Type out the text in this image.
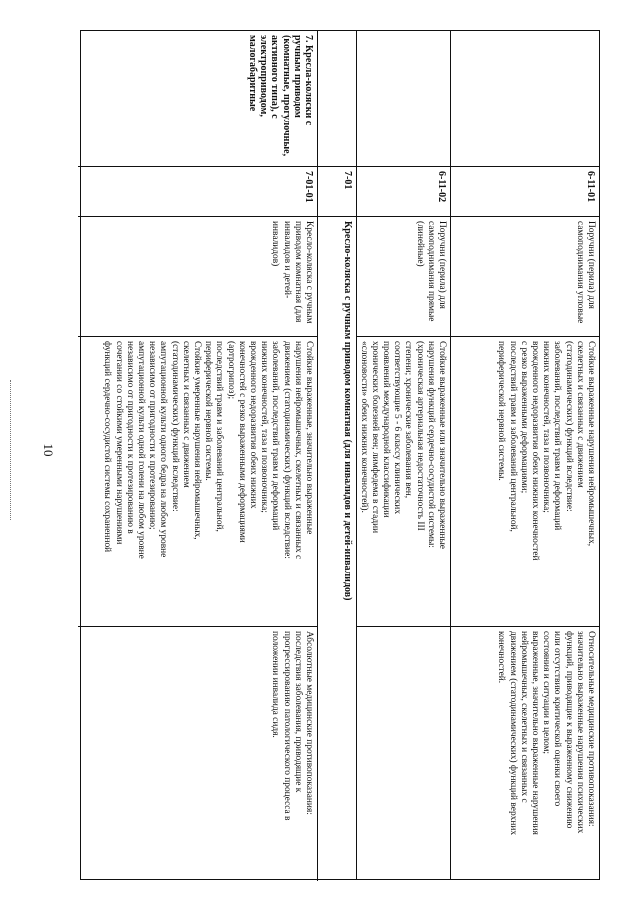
10
6-11-01
Поручни (перила) для самоподнимания угловые
Стойкие выраженные нарушения нейромышечных,
скелетных и связанных с движением
(статодинамических) функций вследствие:
заболеваний, последствий травм и деформаций
нижних конечностей, таза и позвоночника;
врожденного недоразвития обеих нижних конечностей
с резко выраженными деформациями;
последствий травм и заболеваний центральной,
периферической нервной системы.
Относительные медицинские противопоказания:
значительно выраженные нарушения психических
функций, приводящие к выраженному снижению
или отсутствию критической оценки своего
состояния и ситуации в целом;
выраженные, значительно выраженные нарушения
нейромышечных, скелетных и связанных с
движением (статодинамических) функций верхних
конечностей.
6-11-02
Поручни (перила) для самоподнимания прямые (линейные)
Стойкие выраженные или значительно выраженные
нарушения функций сердечно-сосудистой системы:
(хроническая артериальная недостаточность III
степени; хронические заболевания вен,
соответствующие 5 - 6 классу клинических
проявлений международной классификации
хронических болезней вен; лимфедема в стадии
«слоновости» обеих нижних конечностей).
7. Кресла-коляски с ручным приводом (комнатные, прогулочные, активного типа), с электроприводом, малогабаритные
7-01
Кресло-коляска с ручным приводом комнатная (для инвалидов и детей-инвалидов)
7-01-01
Кресло-коляска с ручным приводом комнатная (для инвалидов и детей-инвалидов)
Стойкие выраженные, значительно выраженные
нарушения нейромышечных, скелетных и связанных с
движением (статодинамических) функций вследствие:
заболеваний, последствий травм и деформаций
нижних конечностей, таза и позвоночника;
врожденного недоразвития обеих нижних
конечностей с резко выраженными деформациями
(артрогрипоз);
последствий травм и заболеваний центральной,
периферической нервной системы.
Стойкие умеренные нарушения нейромышечных,
скелетных и связанных с движением
(статодинамических) функций вследствие:
ампутационной культи одного бедра на любом уровне
независимо от пригодности к протезированию;
ампутационной культи одной голени на любом уровне
независимо от пригодности к протезированию в
сочетании со стойкими умеренными нарушениями
функций сердечно-сосудистой системы сохраненной
Абсолютные медицинские противопоказания:
последствия заболевания, приводящие к
прогрессированию патологического процесса в
положении инвалида сидя.
